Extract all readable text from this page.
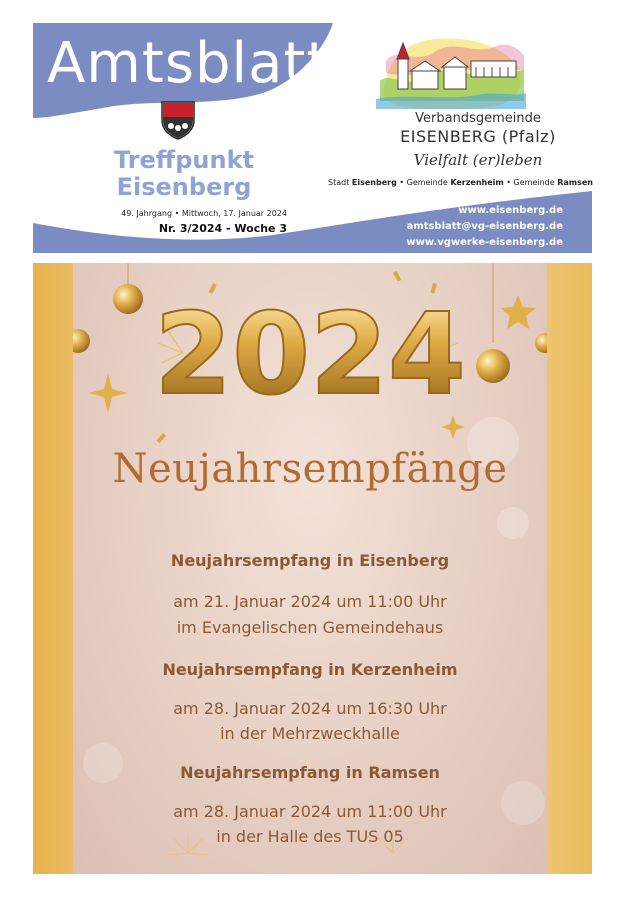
Amtsblatt
Treffpunkt
Eisenberg
49. Jahrgang • Mittwoch, 17. Januar 2024
Nr. 3/2024 - Woche 3
Verbandsgemeinde
EISENBERG (Pfalz)
Vielfalt (er)leben
Stadt Eisenberg • Gemeinde Kerzenheim • Gemeinde Ramsen
www.eisenberg.de
amtsblatt@vg-eisenberg.de
www.vgwerke-eisenberg.de
2024
Neujahrsempfänge
Neujahrsempfang in Eisenberg
am 21. Januar 2024 um 11:00 Uhr
im Evangelischen Gemeindehaus
Neujahrsempfang in Kerzenheim
am 28. Januar 2024 um 16:30 Uhr
in der Mehrzweckhalle
Neujahrsempfang in Ramsen
am 28. Januar 2024 um 11:00 Uhr
in der Halle des TUS 05
